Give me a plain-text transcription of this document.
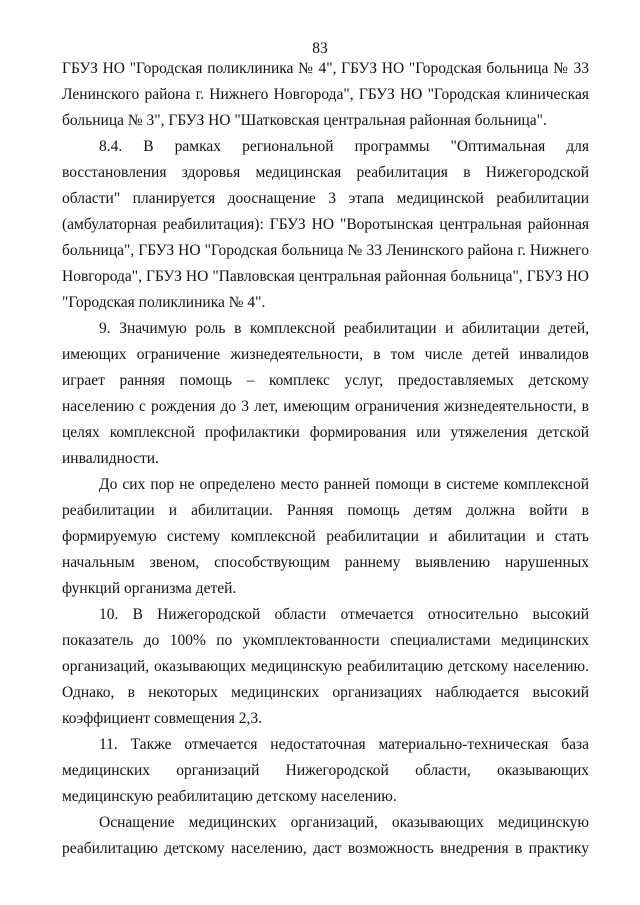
83

ГБУЗ НО "Городская поликлиника № 4", ГБУЗ НО "Городская больница № 33 Ленинского района г. Нижнего Новгорода", ГБУЗ НО "Городская клиническая больница № 3", ГБУЗ НО "Шатковская центральная районная больница".

8.4. В рамках региональной программы "Оптимальная для восстановления здоровья медицинская реабилитация в Нижегородской области" планируется дооснащение 3 этапа медицинской реабилитации (амбулаторная реабилитация): ГБУЗ НО "Воротынская центральная районная больница", ГБУЗ НО "Городская больница № 33 Ленинского района г. Нижнего Новгорода", ГБУЗ НО "Павловская центральная районная больница", ГБУЗ НО "Городская поликлиника № 4".

9. Значимую роль в комплексной реабилитации и абилитации детей, имеющих ограничение жизнедеятельности, в том числе детей инвалидов играет ранняя помощь – комплекс услуг, предоставляемых детскому населению с рождения до 3 лет, имеющим ограничения жизнедеятельности, в целях комплексной профилактики формирования или утяжеления детской инвалидности.

До сих пор не определено место ранней помощи в системе комплексной реабилитации и абилитации. Ранняя помощь детям должна войти в формируемую систему комплексной реабилитации и абилитации и стать начальным звеном, способствующим раннему выявлению нарушенных функций организма детей.

10. В Нижегородской области отмечается относительно высокий показатель до 100% по укомплектованности специалистами медицинских организаций, оказывающих медицинскую реабилитацию детскому населению. Однако, в некоторых медицинских организациях наблюдается высокий коэффициент совмещения 2,3.

11. Также отмечается недостаточная материально-техническая база медицинских организаций Нижегородской области, оказывающих медицинскую реабилитацию детскому населению.

Оснащение медицинских организаций, оказывающих медицинскую реабилитацию детскому населению, даст возможность внедрения в практику
